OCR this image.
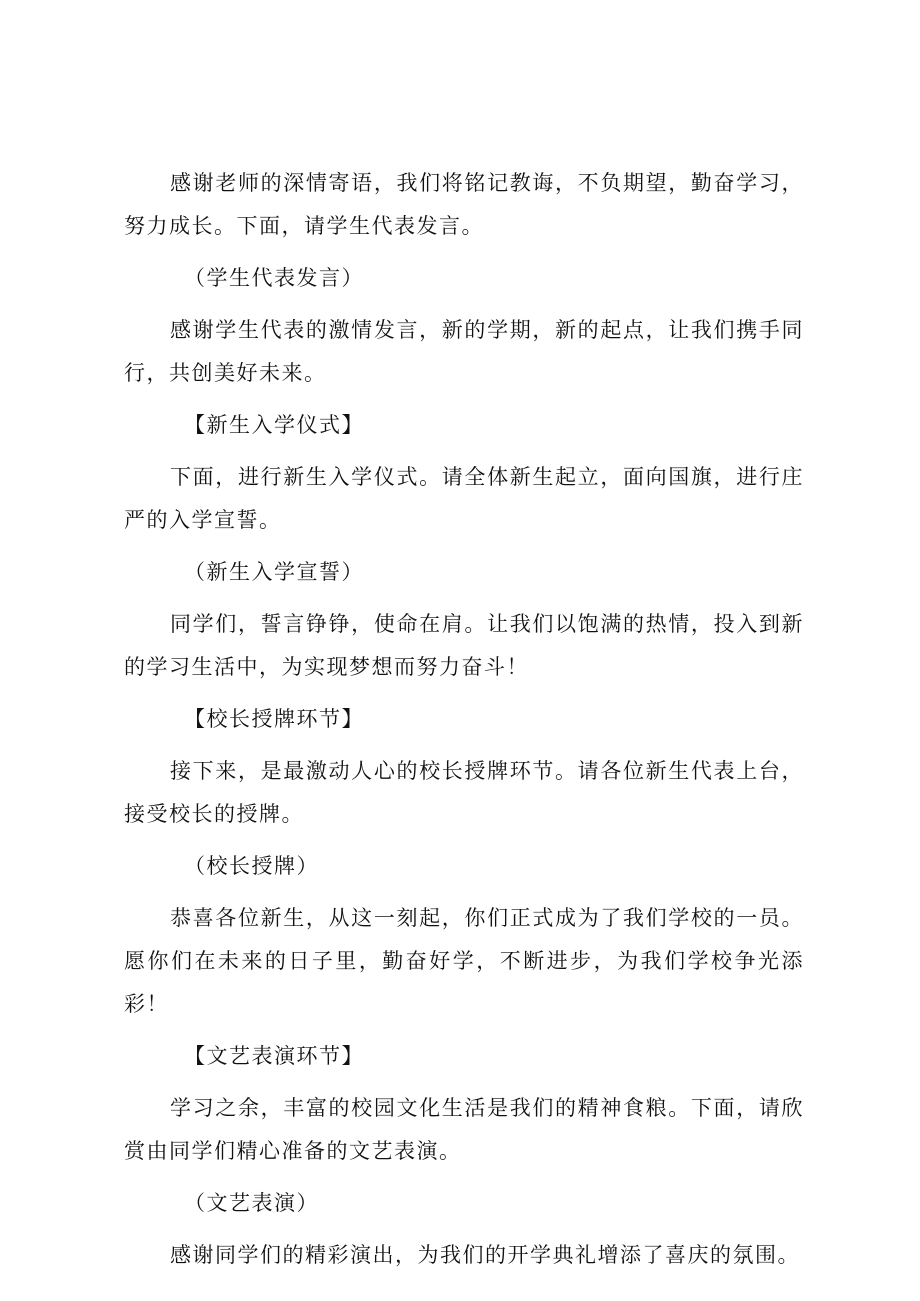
感谢老师的深情寄语，我们将铭记教诲，不负期望，勤奋学习，努力成长。下面，请学生代表发言。

（学生代表发言）

感谢学生代表的激情发言，新的学期，新的起点，让我们携手同行，共创美好未来。

【新生入学仪式】

下面，进行新生入学仪式。请全体新生起立，面向国旗，进行庄严的入学宣誓。

（新生入学宣誓）

同学们，誓言铮铮，使命在肩。让我们以饱满的热情，投入到新的学习生活中，为实现梦想而努力奋斗！

【校长授牌环节】

接下来，是最激动人心的校长授牌环节。请各位新生代表上台，接受校长的授牌。

（校长授牌）

恭喜各位新生，从这一刻起，你们正式成为了我们学校的一员。愿你们在未来的日子里，勤奋好学，不断进步，为我们学校争光添彩！

【文艺表演环节】

学习之余，丰富的校园文化生活是我们的精神食粮。下面，请欣赏由同学们精心准备的文艺表演。

（文艺表演）

感谢同学们的精彩演出，为我们的开学典礼增添了喜庆的氛围。
